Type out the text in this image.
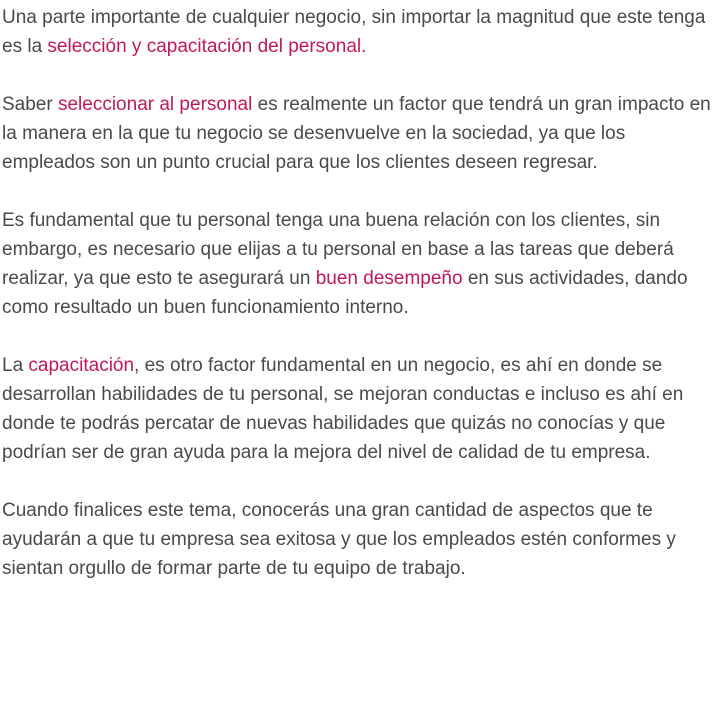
Una parte importante de cualquier negocio, sin importar la magnitud que este tenga es la selección y capacitación del personal.

Saber seleccionar al personal es realmente un factor que tendrá un gran impacto en la manera en la que tu negocio se desenvuelve en la sociedad, ya que los empleados son un punto crucial para que los clientes deseen regresar.

Es fundamental que tu personal tenga una buena relación con los clientes, sin embargo, es necesario que elijas a tu personal en base a las tareas que deberá realizar, ya que esto te asegurará un buen desempeño en sus actividades, dando como resultado un buen funcionamiento interno.

La capacitación, es otro factor fundamental en un negocio, es ahí en donde se desarrollan habilidades de tu personal, se mejoran conductas e incluso es ahí en donde te podrás percatar de nuevas habilidades que quizás no conocías y que podrían ser de gran ayuda para la mejora del nivel de calidad de tu empresa.

Cuando finalices este tema, conocerás una gran cantidad de aspectos que te ayudarán a que tu empresa sea exitosa y que los empleados estén conformes y sientan orgullo de formar parte de tu equipo de trabajo.
